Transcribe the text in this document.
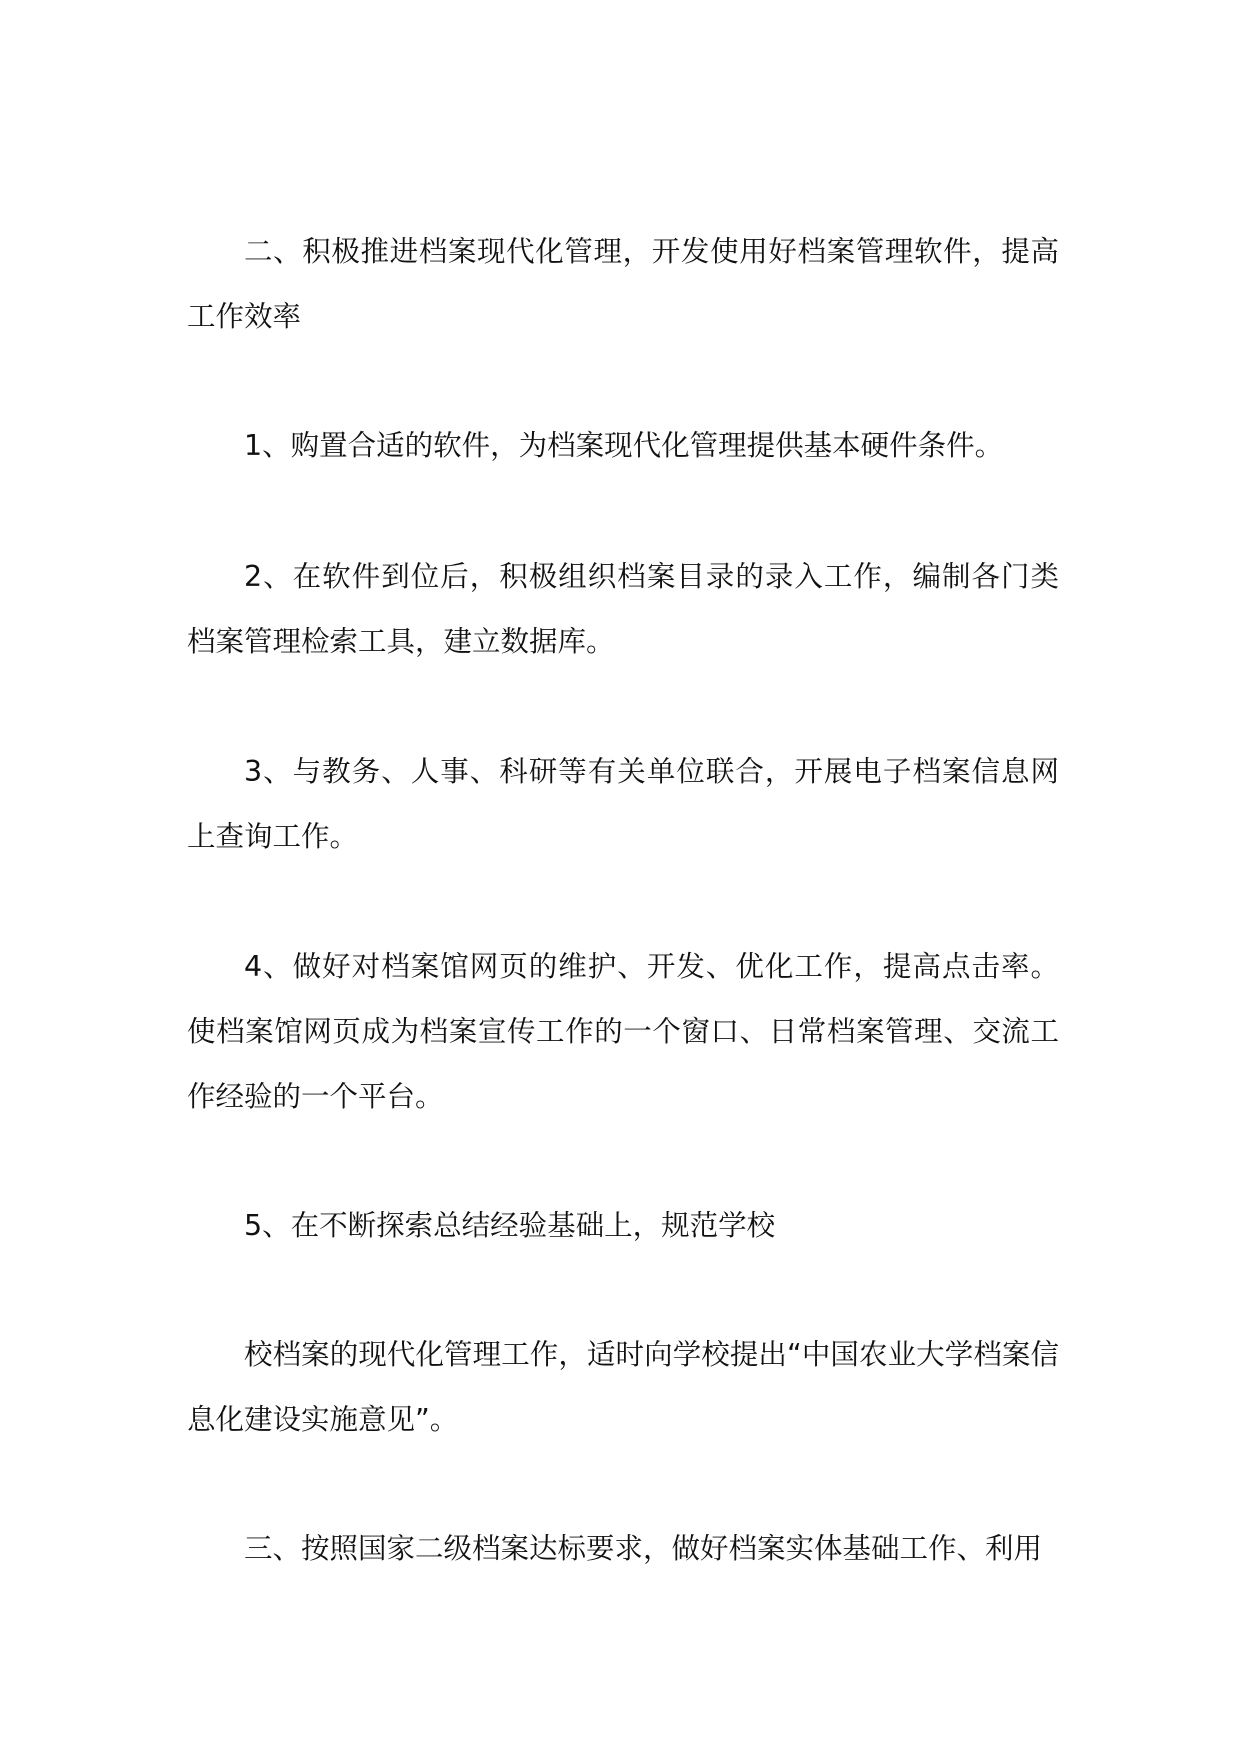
二、积极推进档案现代化管理，开发使用好档案管理软件，提高工作效率

1、购置合适的软件，为档案现代化管理提供基本硬件条件。

2、在软件到位后，积极组织档案目录的录入工作，编制各门类档案管理检索工具，建立数据库。

3、与教务、人事、科研等有关单位联合，开展电子档案信息网上查询工作。

4、做好对档案馆网页的维护、开发、优化工作，提高点击率。使档案馆网页成为档案宣传工作的一个窗口、日常档案管理、交流工作经验的一个平台。

5、在不断探索总结经验基础上，规范学校

校档案的现代化管理工作，适时向学校提出“中国农业大学档案信息化建设实施意见”。

三、按照国家二级档案达标要求，做好档案实体基础工作、利用
